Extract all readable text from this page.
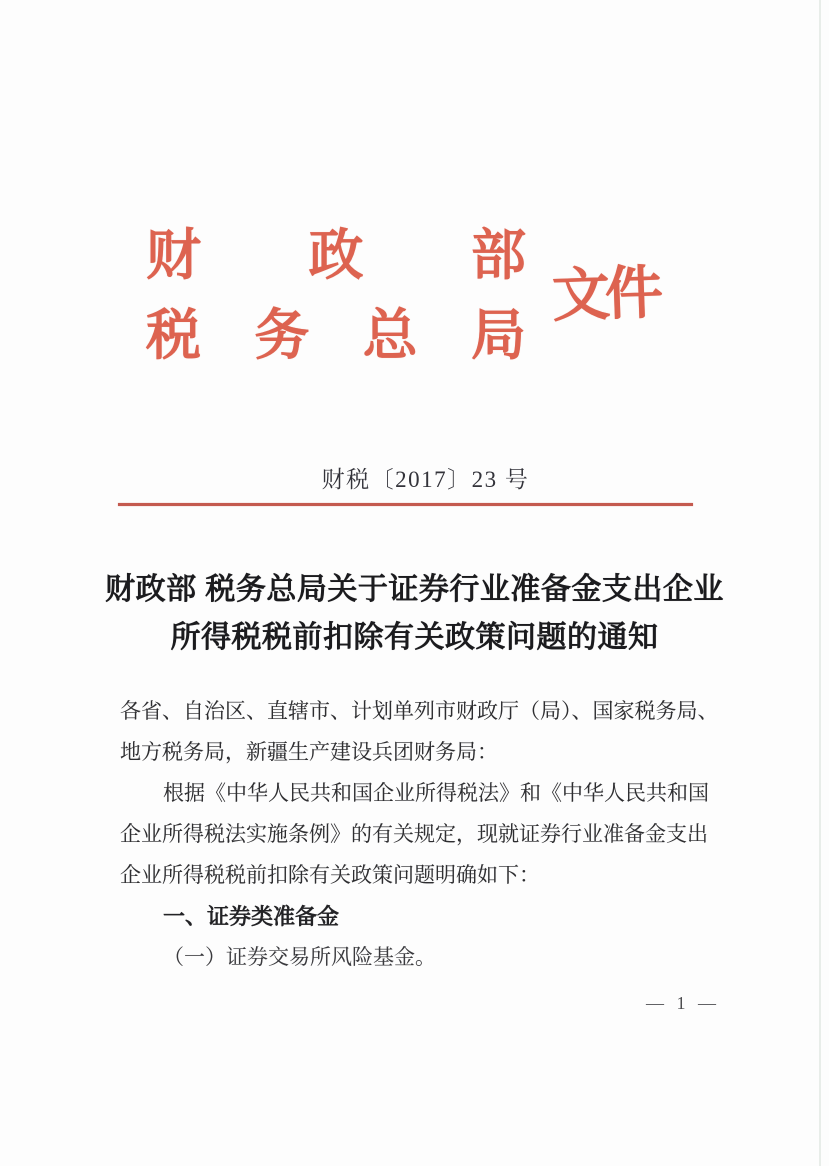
财 政 部
税 务 总 局
文件
财税〔2017〕23 号
财政部 税务总局关于证券行业准备金支出企业
所得税税前扣除有关政策问题的通知
各省、自治区、直辖市、计划单列市财政厅（局）、国家税务局、
地方税务局，新疆生产建设兵团财务局：
根据《中华人民共和国企业所得税法》和《中华人民共和国
企业所得税法实施条例》的有关规定，现就证券行业准备金支出
企业所得税税前扣除有关政策问题明确如下：
一、证券类准备金
（一）证券交易所风险基金。
— 1 —
